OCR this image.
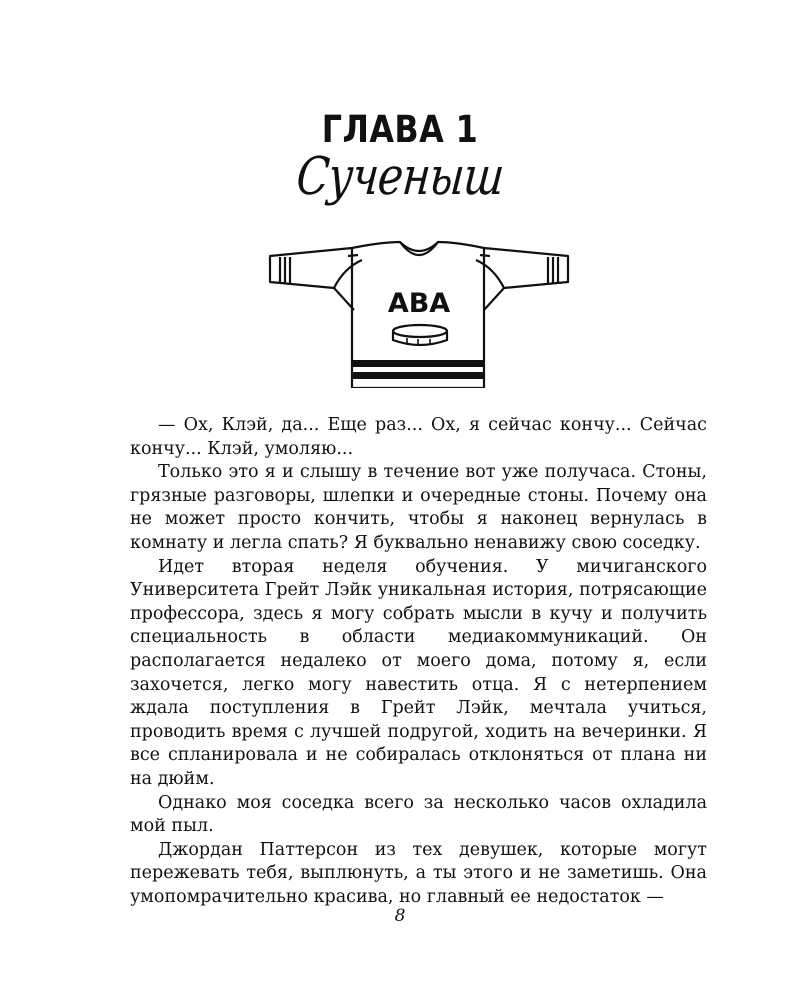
ГЛАВА 1
Сученыш
ABA

— Ох, Клэй, да... Еще раз... Ох, я сейчас кончу... Сейчас кончу... Клэй, умоляю...

Только это я и слышу в течение вот уже получаса. Стоны, грязные разговоры, шлепки и очередные стоны. Почему она не может просто кончить, чтобы я наконец вернулась в комнату и легла спать? Я буквально ненавижу свою соседку.

Идет вторая неделя обучения. У мичиганского Университета Грейт Лэйк уникальная история, потрясающие профессора, здесь я могу собрать мысли в кучу и получить специальность в области медиакоммуникаций. Он располагается недалеко от моего дома, потому я, если захочется, легко могу навестить отца. Я с нетерпением ждала поступления в Грейт Лэйк, мечтала учиться, проводить время с лучшей подругой, ходить на вечеринки. Я все спланировала и не собиралась отклоняться от плана ни на дюйм.

Однако моя соседка всего за несколько часов охладила мой пыл.

Джордан Паттерсон из тех девушек, которые могут пережевать тебя, выплюнуть, а ты этого и не заметишь. Она умопомрачительно красива, но главный ее недостаток —

8
